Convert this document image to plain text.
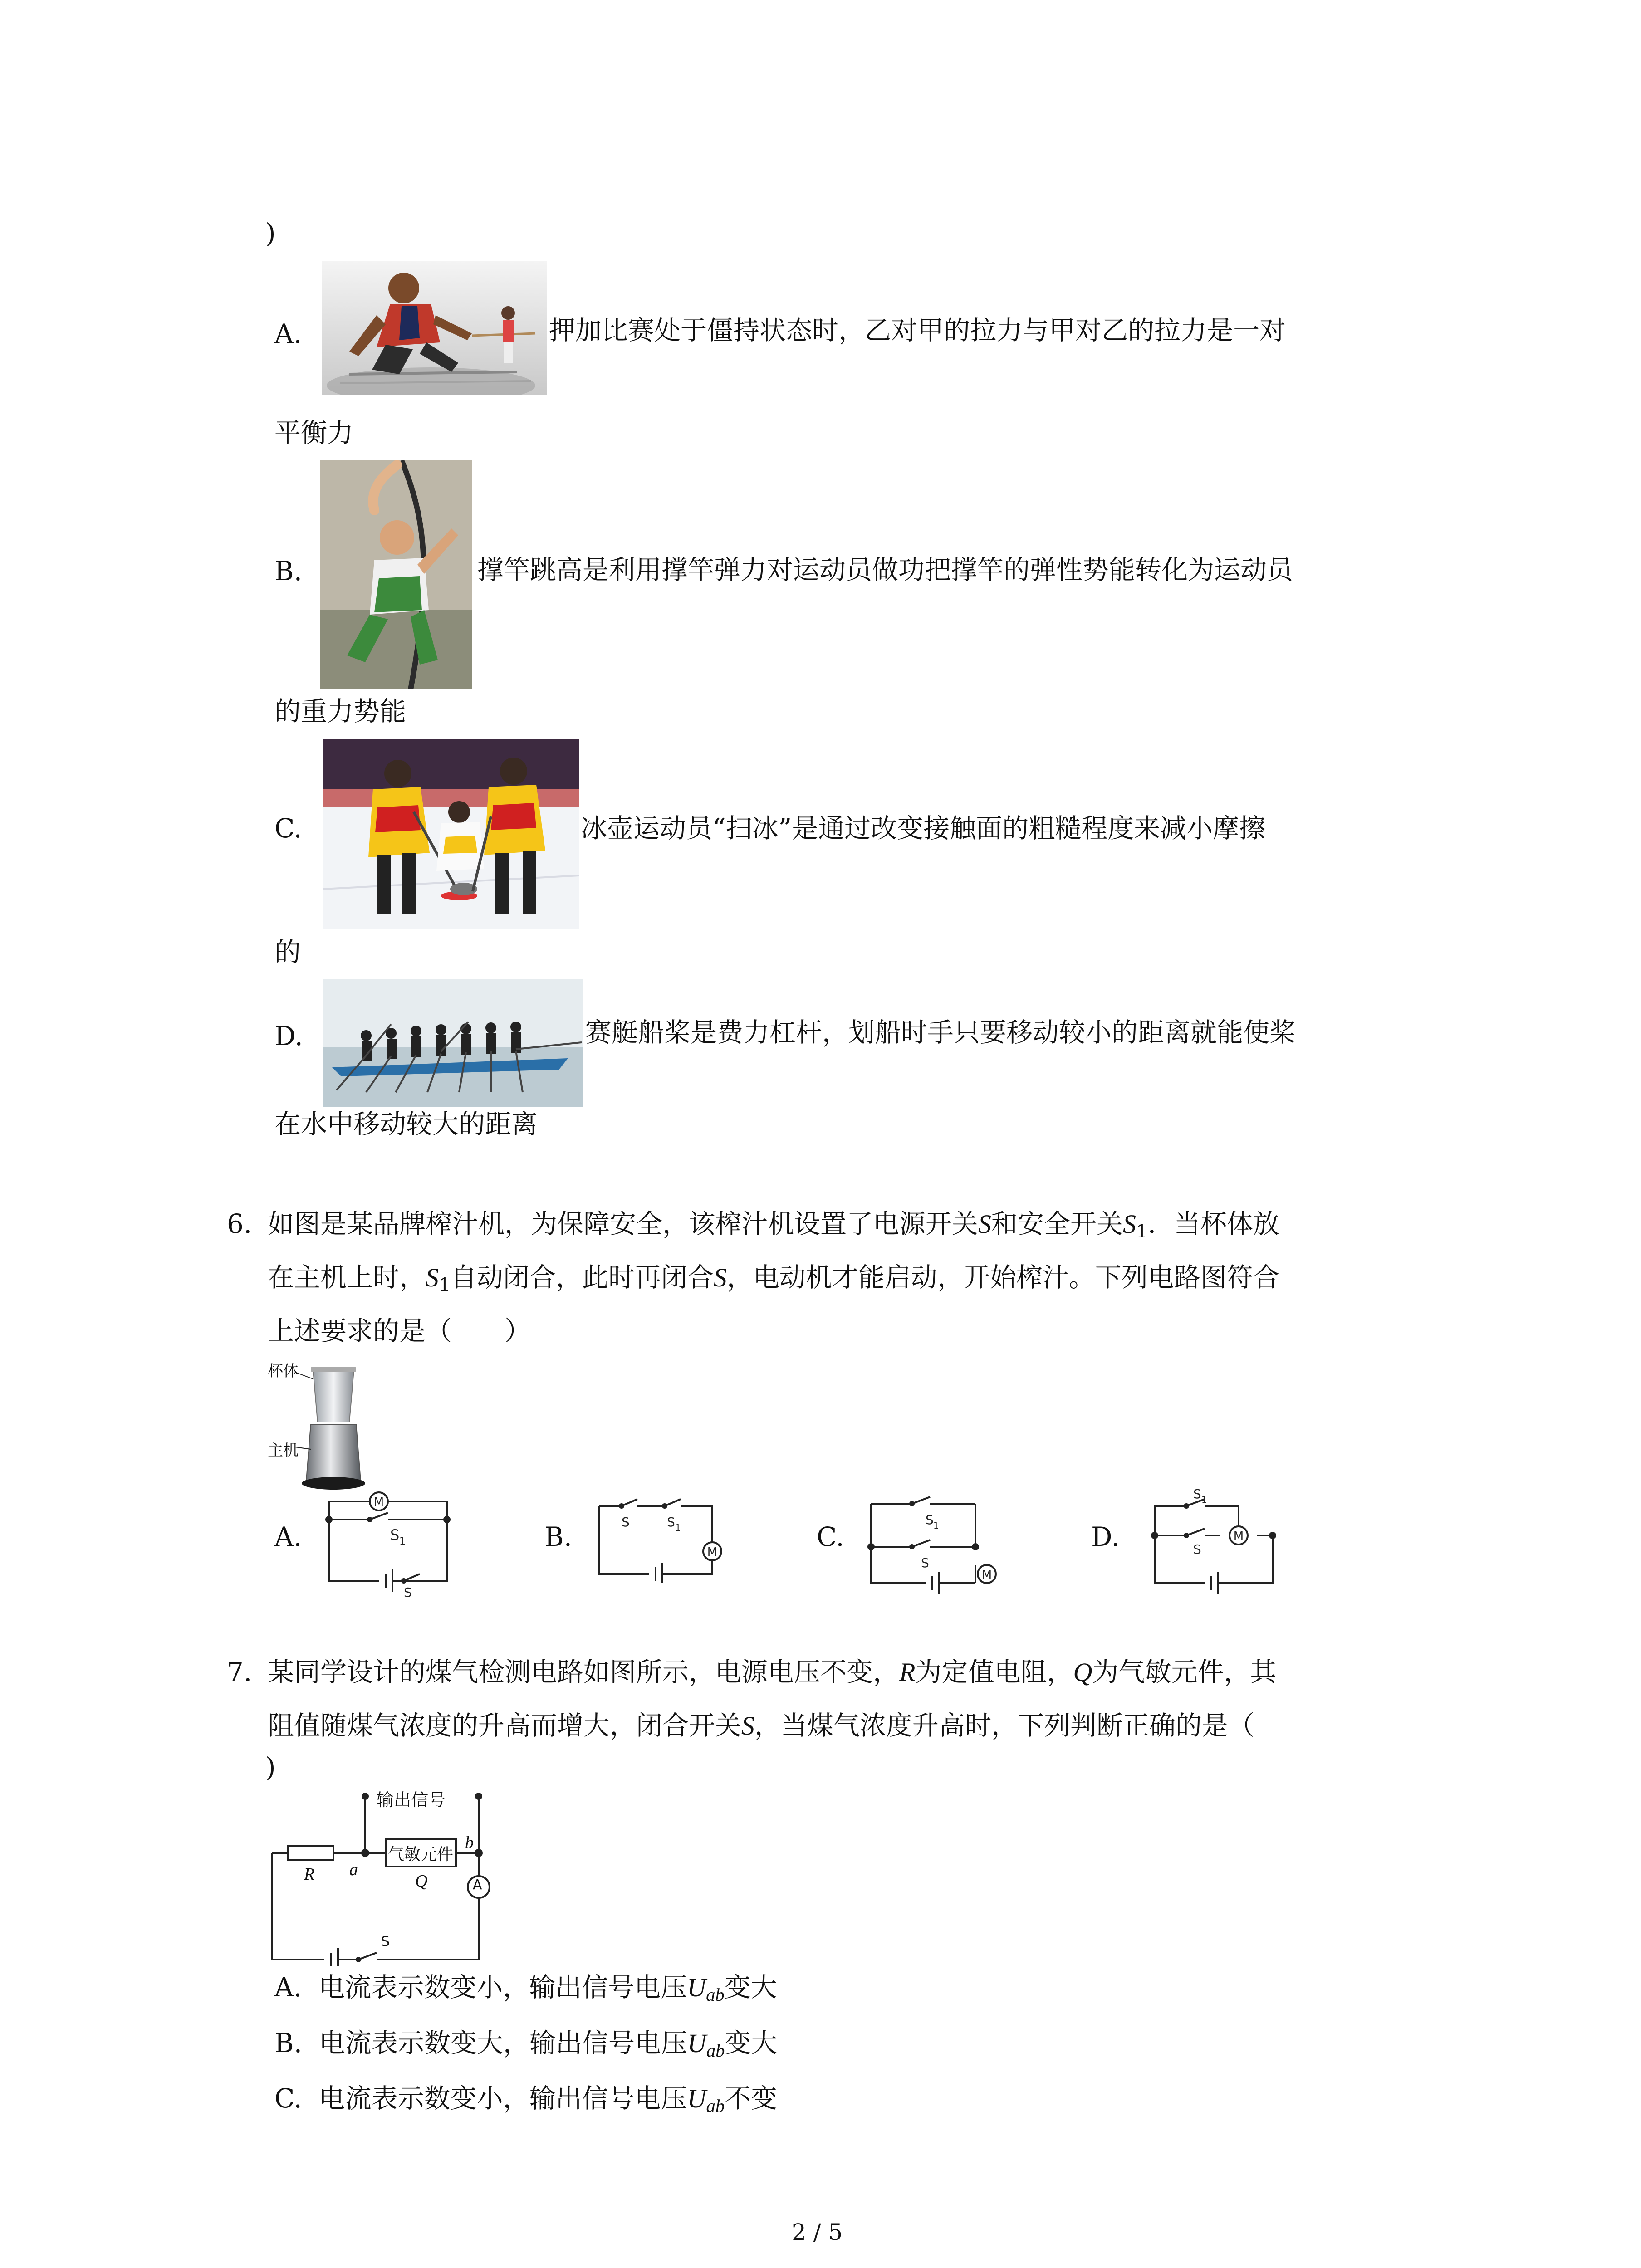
)
A.	押加比赛处于僵持状态时，乙对甲的拉力与甲对乙的拉力是一对
平衡力
B.	撑竿跳高是利用撑竿弹力对运动员做功把撑竿的弹性势能转化为运动员
的重力势能
C.	冰壶运动员“扫冰”是通过改变接触面的粗糙程度来减小摩擦
的
D.	赛艇船桨是费力杠杆，划船时手只要移动较小的距离就能使桨
在水中移动较大的距离
6. 如图是某品牌榨汁机，为保障安全，该榨汁机设置了电源开关S和安全开关$S_1$．当杯体放
在主机上时，$S_1$自动闭合，此时再闭合S，电动机才能启动，开始榨汁。下列电路图符合
上述要求的是（　　）
杯体
主机
A.
M
S 1
S
B.	S	S 1
M	C.
S 1
S
M
D.
S 1
S
M
7. 某同学设计的煤气检测电路如图所示，电源电压不变，R为定值电阻，Q为气敏元件，其
阻值随煤气浓度的升高而增大，闭合开关S，当煤气浓度升高时，下列判断正确的是（
)
输出信号
气敏元件
R a
Q
b
A
S
A. 电流表示数变小，输出信号电压$U_{ab}$变大
B. 电流表示数变大，输出信号电压$U_{ab}$变大
C. 电流表示数变小，输出信号电压$U_{ab}$不变
2 / 5
